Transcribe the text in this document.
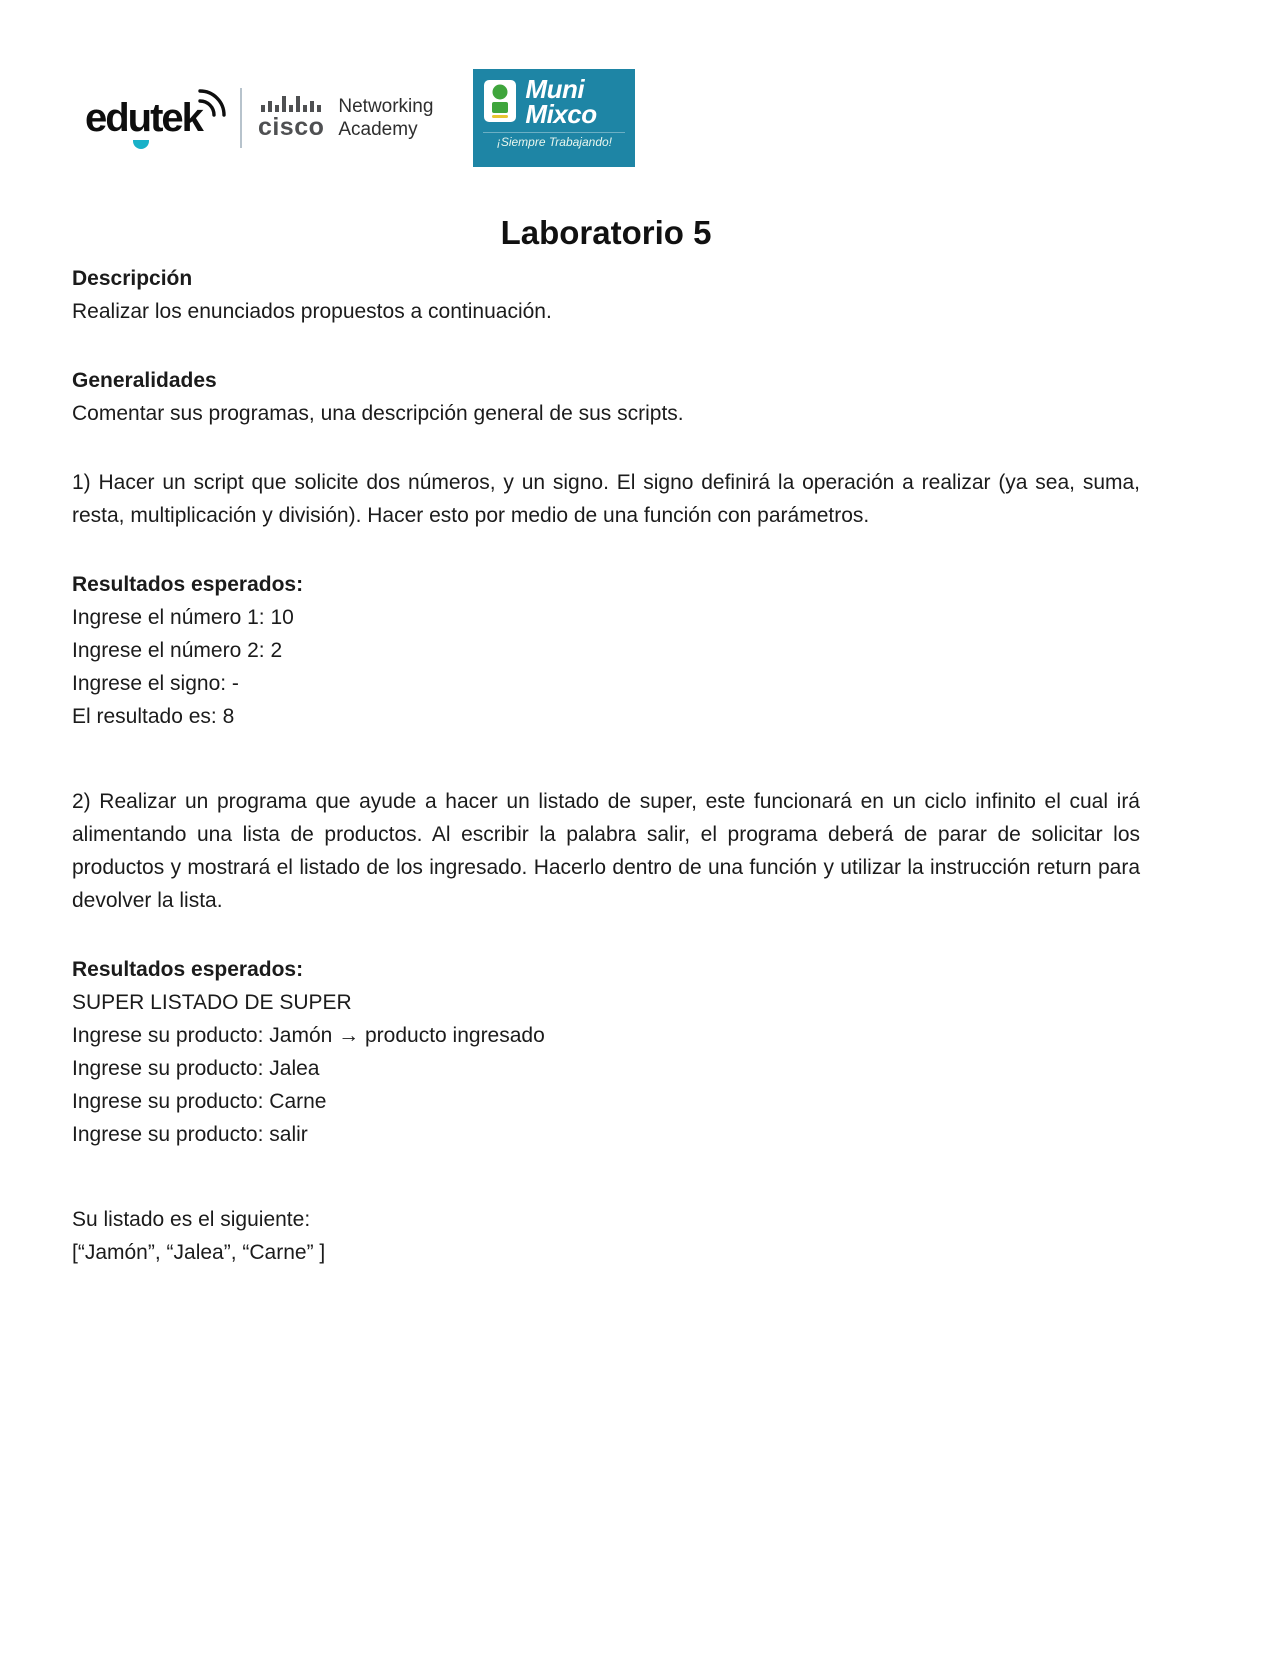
edutek	cisco
Networking
Academy
Muni
Mixco
¡Siempre Trabajando!
Laboratorio 5
Descripción

Realizar los enunciados propuestos a continuación.

Generalidades

Comentar sus programas, una descripción general de sus scripts.

1) Hacer un script que solicite dos números, y un signo. El signo definirá la operación a realizar (ya sea, suma, resta, multiplicación y división). Hacer esto por medio de una función con parámetros.

Resultados esperados:
Ingrese el número 1: 10
Ingrese el número 2: 2
Ingrese el signo: -
El resultado es: 8

2) Realizar un programa que ayude a hacer un listado de super, este funcionará en un ciclo infinito el cual irá alimentando una lista de productos. Al escribir la palabra salir, el programa deberá de parar de solicitar los productos y mostrará el listado de los ingresado. Hacerlo dentro de una función y utilizar la instrucción return para devolver la lista.

Resultados esperados:
SUPER LISTADO DE SUPER
Ingrese su producto: Jamón → producto ingresado
Ingrese su producto: Jalea
Ingrese su producto: Carne
Ingrese su producto: salir

Su listado es el siguiente:

[“Jamón”, “Jalea”, “Carne” ]
